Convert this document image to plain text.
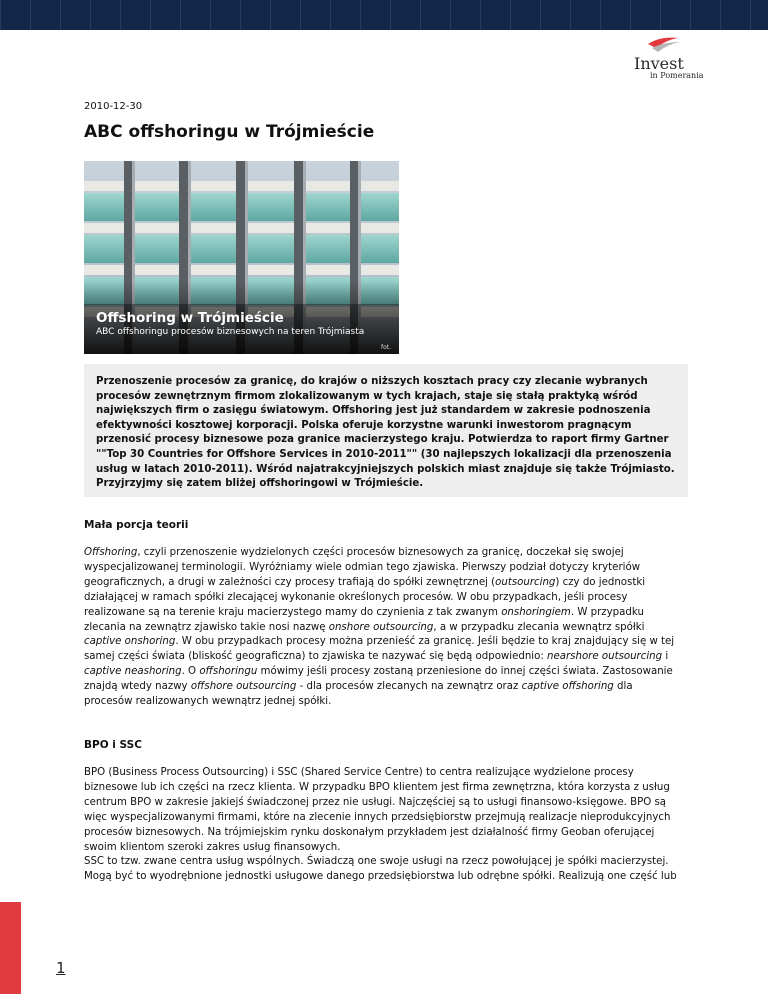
Invest
in Pomerania
2010-12-30
ABC offshoringu w Trójmieście
Offshoring w Trójmieście
ABC offshoringu procesów biznesowych na teren Trójmiasta
fot.
Przenoszenie procesów za granicę, do krajów o niższych kosztach pracy czy zlecanie wybranych procesów zewnętrznym firmom zlokalizowanym w tych krajach, staje się stałą praktyką wśród największych firm o zasięgu światowym. Offshoring jest już standardem w zakresie podnoszenia efektywności kosztowej korporacji. Polska oferuje korzystne warunki inwestorom pragnącym przenosić procesy biznesowe poza granice macierzystego kraju. Potwierdza to raport firmy Gartner ""Top 30 Countries for Offshore Services in 2010-2011"" (30 najlepszych lokalizacji dla przenoszenia usług w latach 2010-2011). Wśród najatrakcyjniejszych polskich miast znajduje się także Trójmiasto. Przyjrzyjmy się zatem bliżej offshoringowi w Trójmieście.
Mała porcja teorii

Offshoring, czyli przenoszenie wydzielonych części procesów biznesowych za granicę, doczekał się swojej wyspecjalizowanej terminologii. Wyróżniamy wiele odmian tego zjawiska. Pierwszy podział dotyczy kryteriów geograficznych, a drugi w zależności czy procesy trafiają do spółki zewnętrznej (outsourcing) czy do jednostki działającej w ramach spółki zlecającej wykonanie określonych procesów. W obu przypadkach, jeśli procesy realizowane są na terenie kraju macierzystego mamy do czynienia z tak zwanym onshoringiem. W przypadku zlecania na zewnątrz zjawisko takie nosi nazwę onshore outsourcing, a w przypadku zlecania wewnątrz spółki captive onshoring. W obu przypadkach procesy można przenieść za granicę. Jeśli będzie to kraj znajdujący się w tej samej części świata (bliskość geograficzna) to zjawiska te nazywać się będą odpowiednio: nearshore outsourcing i captive neashoring. O offshoringu mówimy jeśli procesy zostaną przeniesione do innej części świata. Zastosowanie znajdą wtedy nazwy offshore outsourcing - dla procesów zlecanych na zewnątrz oraz captive offshoring dla procesów realizowanych wewnątrz jednej spółki.

BPO i SSC

BPO (Business Process Outsourcing) i SSC (Shared Service Centre) to centra realizujące wydzielone procesy biznesowe lub ich części na rzecz klienta. W przypadku BPO klientem jest firma zewnętrzna, która korzysta z usług centrum BPO w zakresie jakiejś świadczonej przez nie usługi. Najczęściej są to usługi finansowo-księgowe. BPO są więc wyspecjalizowanymi firmami, które na zlecenie innych przedsiębiorstw przejmują realizacje nieprodukcyjnych procesów biznesowych. Na trójmiejskim rynku doskonałym przykładem jest działalność firmy Geoban oferującej swoim klientom szeroki zakres usług finansowych.
SSC to tzw. zwane centra usług wspólnych. Świadczą one swoje usługi na rzecz powołującej je spółki macierzystej. Mogą być to wyodrębnione jednostki usługowe danego przedsiębiorstwa lub odrębne spółki. Realizują one część lub

1
